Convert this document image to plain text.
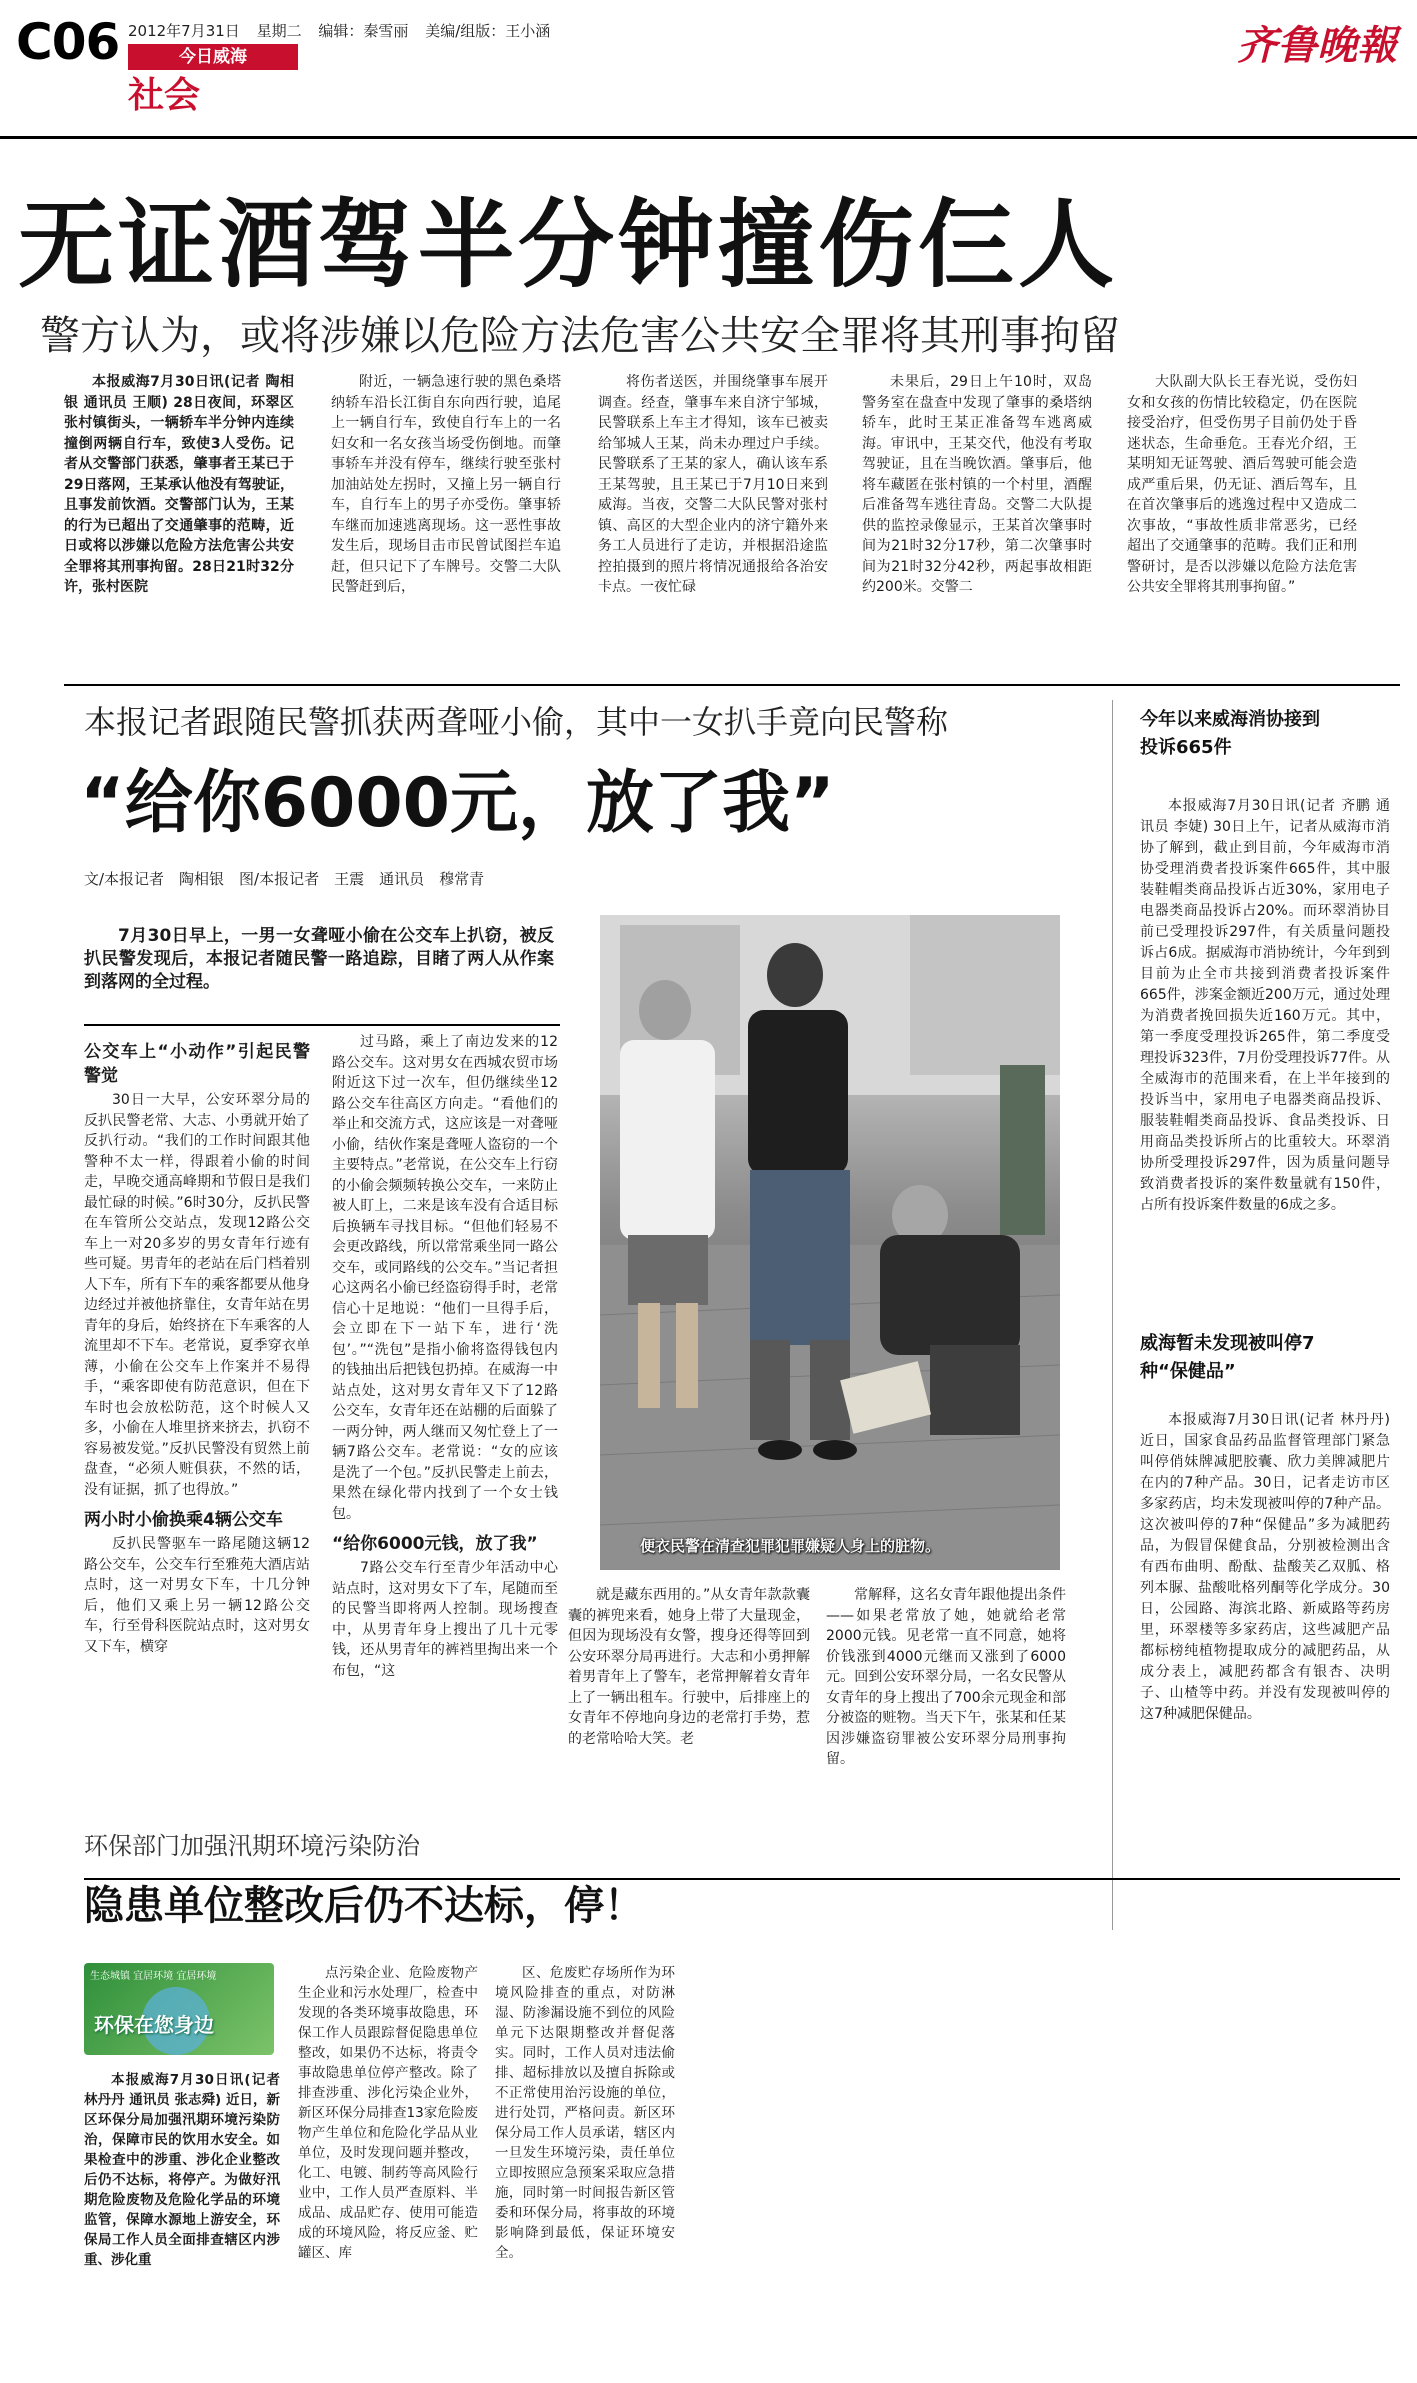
C06 2012年7月31日 星期二 编辑：秦雪丽 美编/组版：王小涵
今日威海
社会
齐鲁晚報
无证酒驾半分钟撞伤仨人
警方认为，或将涉嫌以危险方法危害公共安全罪将其刑事拘留

本报威海7月30日讯(记者 陶相银 通讯员 王顺) 28日夜间，环翠区张村镇街头，一辆轿车半分钟内连续撞倒两辆自行车，致使3人受伤。记者从交警部门获悉，肇事者王某已于29日落网，王某承认他没有驾驶证，且事发前饮酒。交警部门认为，王某的行为已超出了交通肇事的范畴，近日或将以涉嫌以危险方法危害公共安全罪将其刑事拘留。28日21时32分许，张村医院

附近，一辆急速行驶的黑色桑塔纳轿车沿长江街自东向西行驶，追尾上一辆自行车，致使自行车上的一名妇女和一名女孩当场受伤倒地。而肇事轿车并没有停车，继续行驶至张村加油站处左拐时，又撞上另一辆自行车，自行车上的男子亦受伤。肇事轿车继而加速逃离现场。这一恶性事故发生后，现场目击市民曾试图拦车追赶，但只记下了车牌号。交警二大队民警赶到后，

将伤者送医，并围绕肇事车展开调查。经查，肇事车来自济宁邹城，民警联系上车主才得知，该车已被卖给邹城人王某，尚未办理过户手续。民警联系了王某的家人，确认该车系王某驾驶，且王某已于7月10日来到威海。当夜，交警二大队民警对张村镇、高区的大型企业内的济宁籍外来务工人员进行了走访，并根据沿途监控拍摄到的照片将情况通报给各治安卡点。一夜忙碌

未果后，29日上午10时，双岛警务室在盘查中发现了肇事的桑塔纳轿车，此时王某正准备驾车逃离威海。审讯中，王某交代，他没有考取驾驶证，且在当晚饮酒。肇事后，他将车藏匿在张村镇的一个村里，酒醒后准备驾车逃往青岛。交警二大队提供的监控录像显示，王某首次肇事时间为21时32分17秒，第二次肇事时间为21时32分42秒，两起事故相距约200米。交警二

大队副大队长王春光说，受伤妇女和女孩的伤情比较稳定，仍在医院接受治疗，但受伤男子目前仍处于昏迷状态，生命垂危。王春光介绍，王某明知无证驾驶、酒后驾驶可能会造成严重后果，仍无证、酒后驾车，且在首次肇事后的逃逸过程中又造成二次事故，“事故性质非常恶劣，已经超出了交通肇事的范畴。我们正和刑警研讨，是否以涉嫌以危险方法危害公共安全罪将其刑事拘留。”

本报记者跟随民警抓获两聋哑小偷，其中一女扒手竟向民警称
“给你6000元，放了我”
文/本报记者　陶相银　图/本报记者　王震　通讯员　穆常青

7月30日早上，一男一女聋哑小偷在公交车上扒窃，被反扒民警发现后，本报记者随民警一路追踪，目睹了两人从作案到落网的全过程。

公交车上“小动作”引起民警警觉

30日一大早，公安环翠分局的反扒民警老常、大志、小勇就开始了反扒行动。“我们的工作时间跟其他警种不太一样，得跟着小偷的时间走，早晚交通高峰期和节假日是我们最忙碌的时候。”6时30分，反扒民警在车管所公交站点，发现12路公交车上一对20多岁的男女青年行迹有些可疑。男青年的老站在后门档着别人下车，所有下车的乘客都要从他身边经过并被他挤靠住，女青年站在男青年的身后，始终挤在下车乘客的人流里却不下车。老常说，夏季穿衣单薄，小偷在公交车上作案并不易得手，“乘客即使有防范意识，但在下车时也会放松防范，这个时候人又多，小偷在人堆里挤来挤去，扒窃不容易被发觉。”反扒民警没有贸然上前盘查，“必须人赃俱获，不然的话，没有证据，抓了也得放。”

两小时小偷换乘4辆公交车

反扒民警驱车一路尾随这辆12路公交车，公交车行至雅苑大酒店站点时，这一对男女下车，十几分钟后，他们又乘上另一辆12路公交车，行至骨科医院站点时，这对男女又下车，横穿

过马路，乘上了南边发来的12路公交车。这对男女在西城农贸市场附近这下过一次车，但仍继续坐12路公交车往高区方向走。“看他们的举止和交流方式，这应该是一对聋哑小偷，结伙作案是聋哑人盗窃的一个主要特点。”老常说，在公交车上行窃的小偷会频频转换公交车，一来防止被人盯上，二来是该车没有合适目标后换辆车寻找目标。“但他们轻易不会更改路线，所以常常乘坐同一路公交车，或同路线的公交车。”当记者担心这两名小偷已经盗窃得手时，老常信心十足地说：“他们一旦得手后，会立即在下一站下车，进行‘洗包’。”“洗包”是指小偷将盗得钱包内的钱抽出后把钱包扔掉。在威海一中站点处，这对男女青年又下了12路公交车，女青年还在站棚的后面躲了一两分钟，两人继而又匆忙登上了一辆7路公交车。老常说：“女的应该是洗了一个包。”反扒民警走上前去，果然在绿化带内找到了一个女士钱包。

“给你6000元钱，放了我”

7路公交车行至青少年活动中心站点时，这对男女下了车，尾随而至的民警当即将两人控制。现场搜查中，从男青年身上搜出了几十元零钱，还从男青年的裤裆里掏出来一个布包，“这

便衣民警在清查犯罪犯罪嫌疑人身上的脏物。

就是藏东西用的。”从女青年款款囊囊的裤兜来看，她身上带了大量现金，但因为现场没有女警，搜身还得等回到公安环翠分局再进行。大志和小勇押解着男青年上了警车，老常押解着女青年上了一辆出租车。行驶中，后排座上的女青年不停地向身边的老常打手势，惹的老常哈哈大笑。老

常解释，这名女青年跟他提出条件——如果老常放了她，她就给老常2000元钱。见老常一直不同意，她将价钱涨到4000元继而又涨到了6000元。回到公安环翠分局，一名女民警从女青年的身上搜出了700余元现金和部分被盗的赃物。当天下午，张某和任某因涉嫌盗窃罪被公安环翠分局刑事拘留。

今年以来威海消协接到投诉665件

本报威海7月30日讯(记者 齐鹏 通讯员 李婕) 30日上午，记者从威海市消协了解到，截止到目前，今年威海市消协受理消费者投诉案件665件，其中服装鞋帽类商品投诉占近30%，家用电子电器类商品投诉占20%。而环翠消协目前已受理投诉297件，有关质量问题投诉占6成。据威海市消协统计，今年到到目前为止全市共接到消费者投诉案件665件，涉案金额近200万元，通过处理为消费者挽回损失近160万元。其中，第一季度受理投诉265件，第二季度受理投诉323件，7月份受理投诉77件。从全威海市的范围来看，在上半年接到的投诉当中，家用电子电器类商品投诉、服装鞋帽类商品投诉、食品类投诉、日用商品类投诉所占的比重较大。环翠消协所受理投诉297件，因为质量问题导致消费者投诉的案件数量就有150件，占所有投诉案件数量的6成之多。

威海暂未发现被叫停7种“保健品”

本报威海7月30日讯(记者 林丹丹) 近日，国家食品药品监督管理部门紧急叫停俏妹牌减肥胶囊、欣力美牌减肥片在内的7种产品。30日，记者走访市区多家药店，均未发现被叫停的7种产品。这次被叫停的7种“保健品”多为减肥药品，为假冒保健食品，分别被检测出含有西布曲明、酚酞、盐酸芙乙双胍、格列本脲、盐酸吡格列酮等化学成分。30日，公园路、海滨北路、新威路等药房里，环翠楼等多家药店，这些减肥产品都标榜纯植物提取成分的减肥药品，从成分表上，减肥药都含有银杏、决明子、山楂等中药。并没有发现被叫停的这7种减肥保健品。

环保部门加强汛期环境污染防治
隐患单位整改后仍不达标，停！
生态城镇 宜居环境 宜居环境
环保在您身边

本报威海7月30日讯(记者 林丹丹 通讯员 张志舜) 近日，新区环保分局加强汛期环境污染防治，保障市民的饮用水安全。如果检查中的涉重、涉化企业整改后仍不达标，将停产。为做好汛期危险废物及危险化学品的环境监管，保障水源地上游安全，环保局工作人员全面排查辖区内涉重、涉化重

点污染企业、危险废物产生企业和污水处理厂，检查中发现的各类环境事故隐患，环保工作人员跟踪督促隐患单位整改，如果仍不达标，将责令事故隐患单位停产整改。除了排查涉重、涉化污染企业外，新区环保分局排查13家危险废物产生单位和危险化学品从业单位，及时发现问题并整改，化工、电镀、制药等高风险行业中，工作人员严查原料、半成品、成品贮存、使用可能造成的环境风险，将反应釜、贮罐区、库

区、危废贮存场所作为环境风险排查的重点，对防淋湿、防渗漏设施不到位的风险单元下达限期整改并督促落实。同时，工作人员对违法偷排、超标排放以及擅自拆除或不正常使用治污设施的单位，进行处罚，严格问责。新区环保分局工作人员承诺，辖区内一旦发生环境污染，责任单位立即按照应急预案采取应急措施，同时第一时间报告新区管委和环保分局，将事故的环境影响降到最低，保证环境安全。
